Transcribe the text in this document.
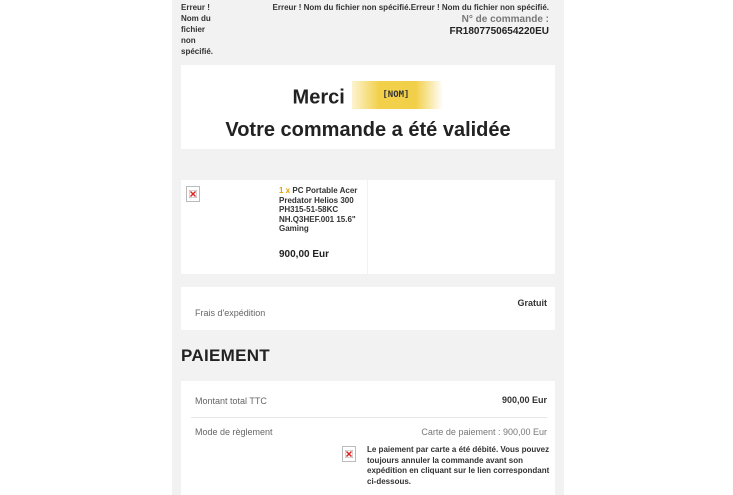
Erreur ! Nom du fichier non spécifié.
Erreur ! Nom du fichier non spécifié.Erreur ! Nom du fichier non spécifié.
N° de commande :
FR1807750654220EU
Merci	[NOM]
Votre commande a été validée
1 x PC Portable Acer Predator Helios 300 PH315-51-58KC NH.Q3HEF.001 15.6" Gaming
900,00 Eur
Gratuit
Frais d'expédition
PAIEMENT
Montant total TTC	900,00 Eur
Mode de règlement	Carte de paiement : 900,00 Eur
Le paiement par carte a été débité. Vous pouvez toujours annuler la commande avant son expédition en cliquant sur le lien correspondant ci-dessous.
